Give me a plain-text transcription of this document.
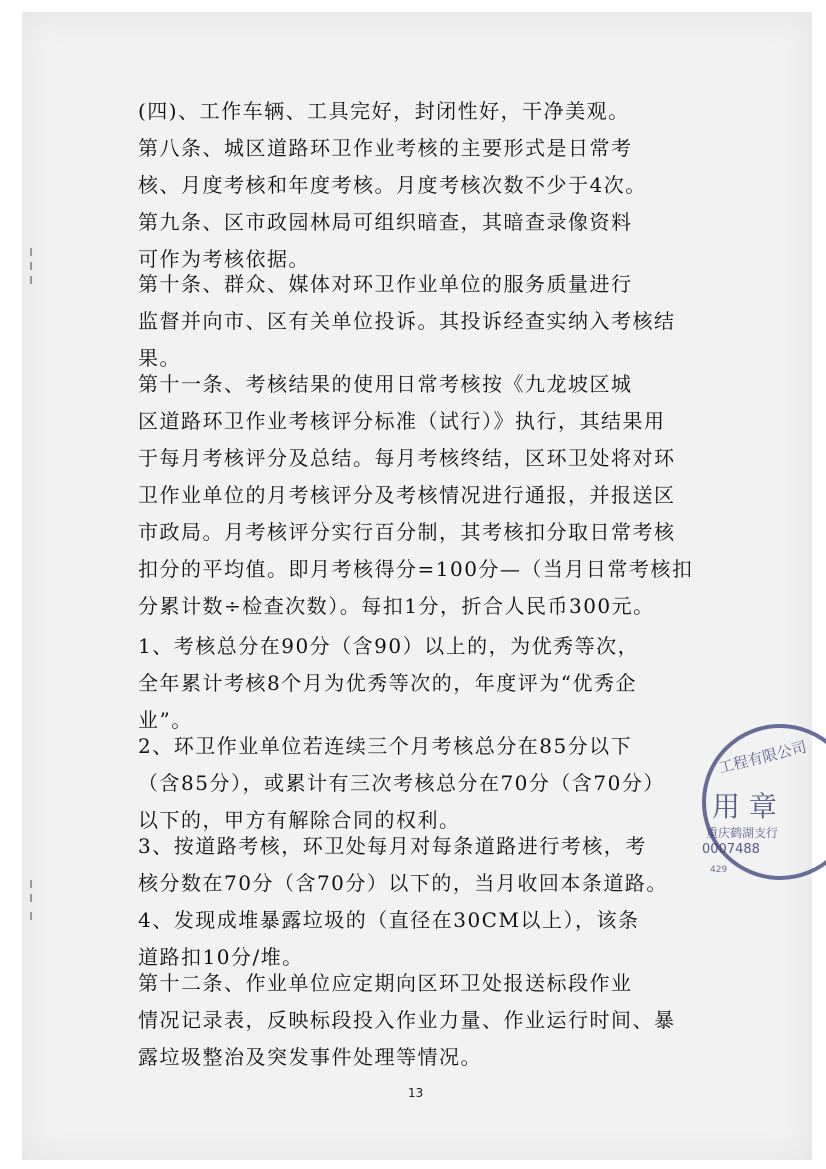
(四)、工作车辆、工具完好，封闭性好，干净美观。
第八条、城区道路环卫作业考核的主要形式是日常考
核、月度考核和年度考核。月度考核次数不少于4次。
第九条、区市政园林局可组织暗查，其暗查录像资料
可作为考核依据。
第十条、群众、媒体对环卫作业单位的服务质量进行
监督并向市、区有关单位投诉。其投诉经查实纳入考核结
果。
第十一条、考核结果的使用日常考核按《九龙坡区城
区道路环卫作业考核评分标准（试行）》执行，其结果用
于每月考核评分及总结。每月考核终结，区环卫处将对环
卫作业单位的月考核评分及考核情况进行通报，并报送区
市政局。月考核评分实行百分制，其考核扣分取日常考核
扣分的平均值。即月考核得分=100分—（当月日常考核扣
分累计数÷检查次数）。每扣1分，折合人民币300元。
1、考核总分在90分（含90）以上的，为优秀等次，
全年累计考核8个月为优秀等次的，年度评为“优秀企
业”。
2、环卫作业单位若连续三个月考核总分在85分以下
（含85分），或累计有三次考核总分在70分（含70分）
以下的，甲方有解除合同的权利。
3、按道路考核，环卫处每月对每条道路进行考核，考
核分数在70分（含70分）以下的，当月收回本条道路。
4、发现成堆暴露垃圾的（直径在30CM以上），该条
道路扣10分/堆。
第十二条、作业单位应定期向区环卫处报送标段作业
情况记录表，反映标段投入作业力量、作业运行时间、暴
露垃圾整治及突发事件处理等情况。
13
工程有限公司
用 章
重庆鹤湖支行
0007488
429
